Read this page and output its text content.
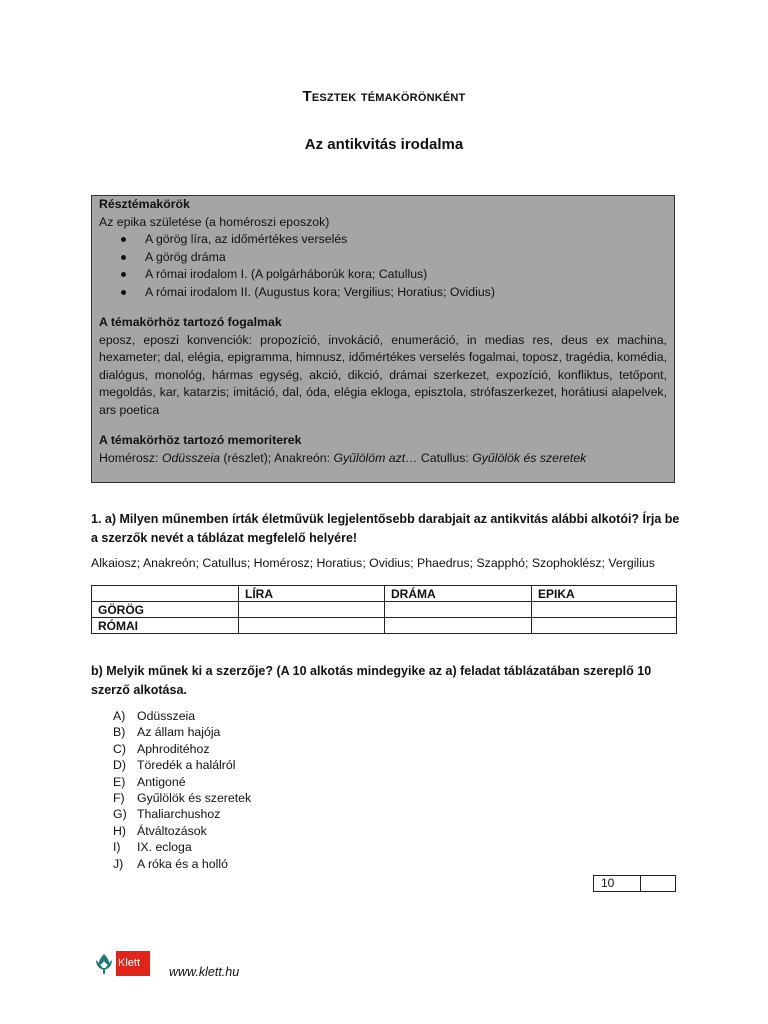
Tesztek témakörönként
Az antikvitás irodalma
Résztémakörök

Az epika születése (a homéroszi eposzok)

A görög líra, az időmértékes verselés
A görög dráma
A római irodalom I. (A polgárháborúk kora; Catullus)
A római irodalom II. (Augustus kora; Vergilius; Horatius; Ovidius)
A témakörhöz tartozó fogalmak

eposz, eposzi konvenciók: propozíció, invokáció, enumeráció, in medias res, deus ex machina, hexameter; dal, elégia, epigramma, himnusz, időmértékes verselés fogalmai, toposz, tragédia, komédia, dialógus, monológ, hármas egység, akció, dikció, drámai szerkezet, expozíció, konfliktus, tetőpont, megoldás, kar, katarzis; imitáció, dal, óda, elégia ekloga, episztola, strófaszerkezet, horátiusi alapelvek, ars poetica

A témakörhöz tartozó memoriterek
Homérosz: Odüsszeia (részlet); Anakreón: Gyűlölöm azt… Catullus: Gyűlölök és szeretek
1. a) Milyen műnemben írták életművük legjelentősebb darabjait az antikvitás alábbi alkotói? Írja be a szerzők nevét a táblázat megfelelő helyére!
Alkaiosz; Anakreón; Catullus; Homérosz; Horatius; Ovidius; Phaedrus; Szapphó; Szophoklész; Vergilius
	LÍRA	DRÁMA	EPIKA
GÖRÖG			
RÓMAI			
b) Melyik műnek ki a szerzője? (A 10 alkotás mindegyike az a) feladat táblázatában szereplő 10 szerző alkotása.
A) Odüsszeia
B) Az állam hajója
C) Aphroditéhoz
D) Töredék a halálról
E) Antigoné
F)	Gyűlölök és szeretek
G) Thaliarchushoz
H) Átváltozások
I)	IX. ecloga
J)	A róka és a holló
10
Klett
www.klett.hu
